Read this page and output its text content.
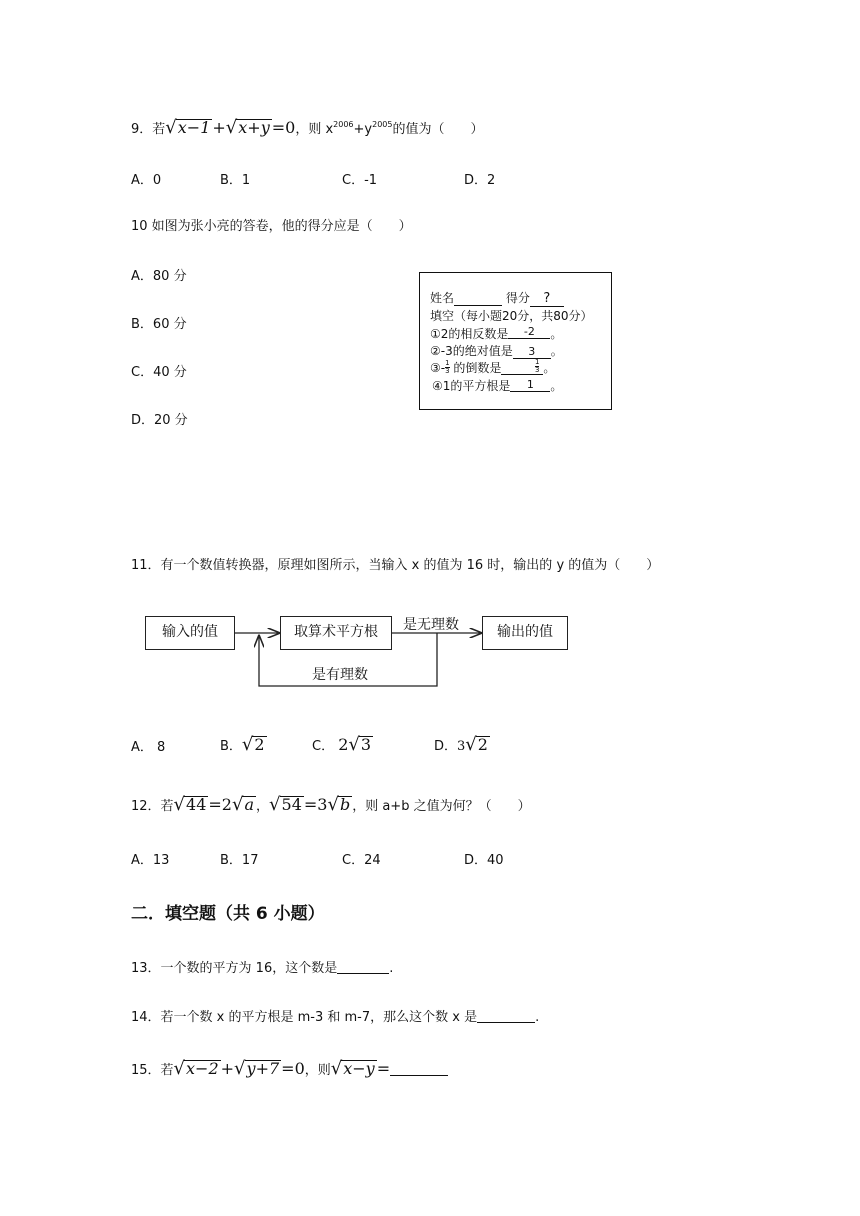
9．若√x−1 +√x+y =0，则 $x^{2006}+y^{2005}$的值为（　　）
A．0	B．1	C．-1	D．2
10 如图为张小亮的答卷，他的得分应是（　　）
A．80 分
B．60 分
C．40 分
D．20 分
姓名	得分 ?
填空（每小题20分，共80分）
①2的相反数是 -2 。
②-3的绝对值是 3 。
③- $\frac{1}{3}$ 的倒数是	$\frac{1}{3}$ 。
④1的平方根是 1 。
11．有一个数值转换器，原理如图所示，当输入 x 的值为 16 时，输出的 y 的值为（　　）
输入的值	取算术平方根	输出的值
是无理数
是有理数
A． 8	B．√2	C． 2√3	D．3√2
12．若√44 =2√a ，√54 =3√b ，则 a+b 之值为何？（　　）
A．13	B．17	C．24	D．40
二．填空题（共 6 小题）
13．一个数的平方为 16，这个数是	.
14．若一个数 x 的平方根是 m-3 和 m-7，那么这个数 x 是	.
15．若√x−2 +√y+7 =0，则√x−y =
